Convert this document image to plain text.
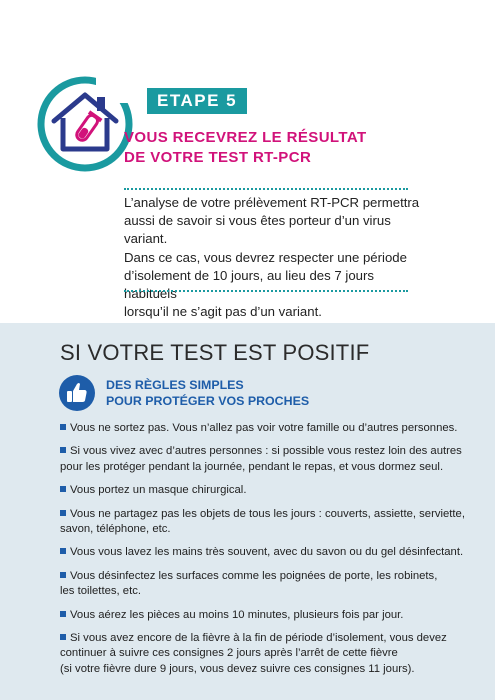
ETAPE 5
VOUS RECEVREZ LE RÉSULTAT
DE VOTRE TEST RT-PCR
L’analyse de votre prélèvement RT-PCR permettra
aussi de savoir si vous êtes porteur d’un virus variant.
Dans ce cas, vous devrez respecter une période
d’isolement de 10 jours, au lieu des 7 jours habituels
lorsqu’il ne s’agit pas d’un variant.
SI VOTRE TEST EST POSITIF
DES RÈGLES SIMPLES
POUR PROTÉGER VOS PROCHES
Vous ne sortez pas. Vous n’allez pas voir votre famille ou d’autres personnes.
Si vous vivez avec d’autres personnes : si possible vous restez loin des autres
pour les protéger pendant la journée, pendant le repas, et vous dormez seul.
Vous portez un masque chirurgical.
Vous ne partagez pas les objets de tous les jours : couverts, assiette, serviette,
savon, téléphone, etc.
Vous vous lavez les mains très souvent, avec du savon ou du gel désinfectant.
Vous désinfectez les surfaces comme les poignées de porte, les robinets,
les toilettes, etc.
Vous aérez les pièces au moins 10 minutes, plusieurs fois par jour.
Si vous avez encore de la fièvre à la fin de période d’isolement, vous devez
continuer à suivre ces consignes 2 jours après l’arrêt de cette fièvre
(si votre fièvre dure 9 jours, vous devez suivre ces consignes 11 jours).
